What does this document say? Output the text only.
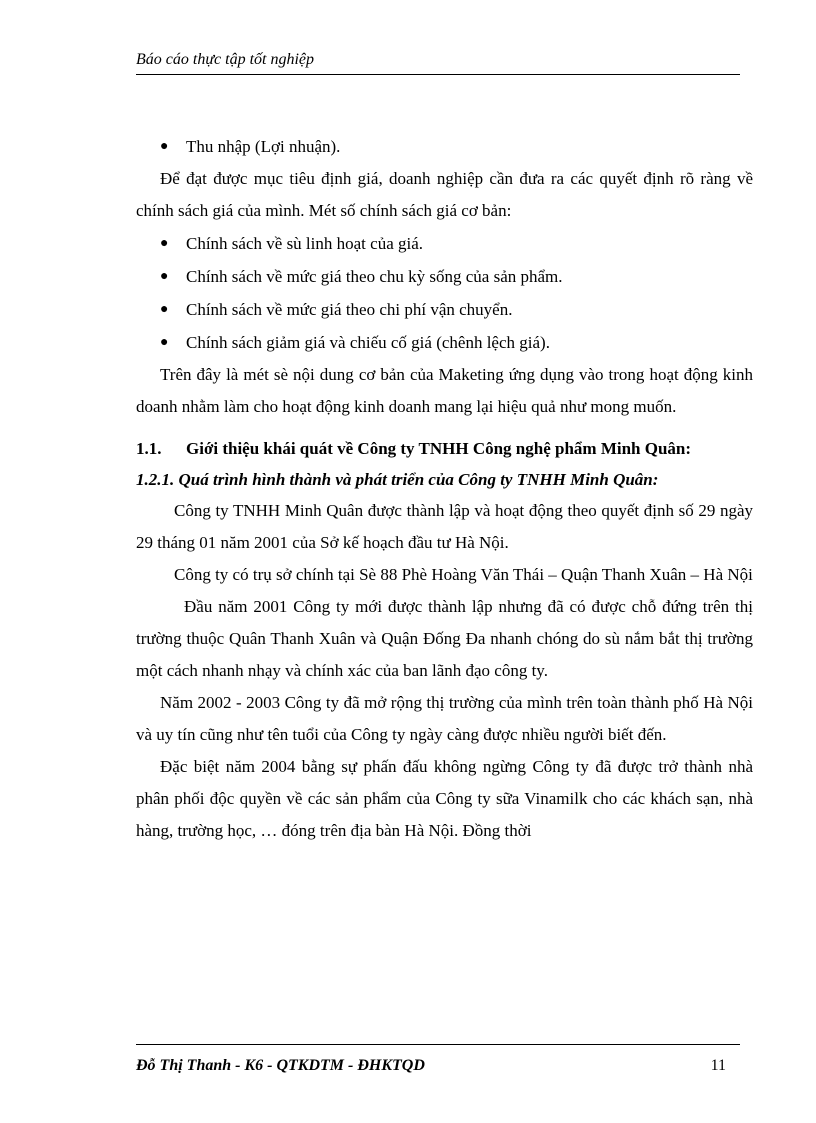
Báo cáo thực tập tốt nghiệp
● Thu nhập (Lợi nhuận).

Để đạt được mục tiêu định giá, doanh nghiệp cần đưa ra các quyết định rõ ràng về chính sách giá của mình. Mét số chính sách giá cơ bản:

● Chính sách về sù linh hoạt của giá.
● Chính sách về mức giá theo chu kỳ sống của sản phẩm.
● Chính sách về mức giá theo chi phí vận chuyển.
● Chính sách giảm giá và chiếu cố giá (chênh lệch giá).

Trên đây là mét sè nội dung cơ bản của Maketing ứng dụng vào trong hoạt động kinh doanh nhằm làm cho hoạt động kinh doanh mang lại hiệu quả như mong muốn.

1.1.	Giới thiệu khái quát về Công ty TNHH Công nghệ phẩm Minh Quân:

1.2.1. Quá trình hình thành và phát triển của Công ty TNHH Minh Quân:

Công ty TNHH Minh Quân được thành lập và hoạt động theo quyết định số 29 ngày 29 tháng 01 năm 2001 của Sở kế hoạch đầu tư Hà Nội.

Công ty có trụ sở chính tại Sè 88 Phè Hoàng Văn Thái – Quận Thanh Xuân – Hà Nội

Đầu năm 2001 Công ty mới được thành lập nhưng đã có được chỗ đứng trên thị trường thuộc Quân Thanh Xuân và Quận Đống Đa nhanh chóng do sù nắm bắt thị trường một cách nhanh nhạy và chính xác của ban lãnh đạo công ty.

Năm 2002 - 2003 Công ty đã mở rộng thị trường của mình trên toàn thành phố Hà Nội và uy tín cũng như tên tuổi của Công ty ngày càng được nhiều người biết đến.

Đặc biệt năm 2004 bằng sự phấn đấu không ngừng Công ty đã được trở thành nhà phân phối độc quyền về các sản phẩm của Công ty sữa Vinamilk cho các khách sạn, nhà hàng, trường học, … đóng trên địa bàn Hà Nội. Đồng thời

Đỗ Thị Thanh - K6 - QTKDTM - ĐHKTQD	11
